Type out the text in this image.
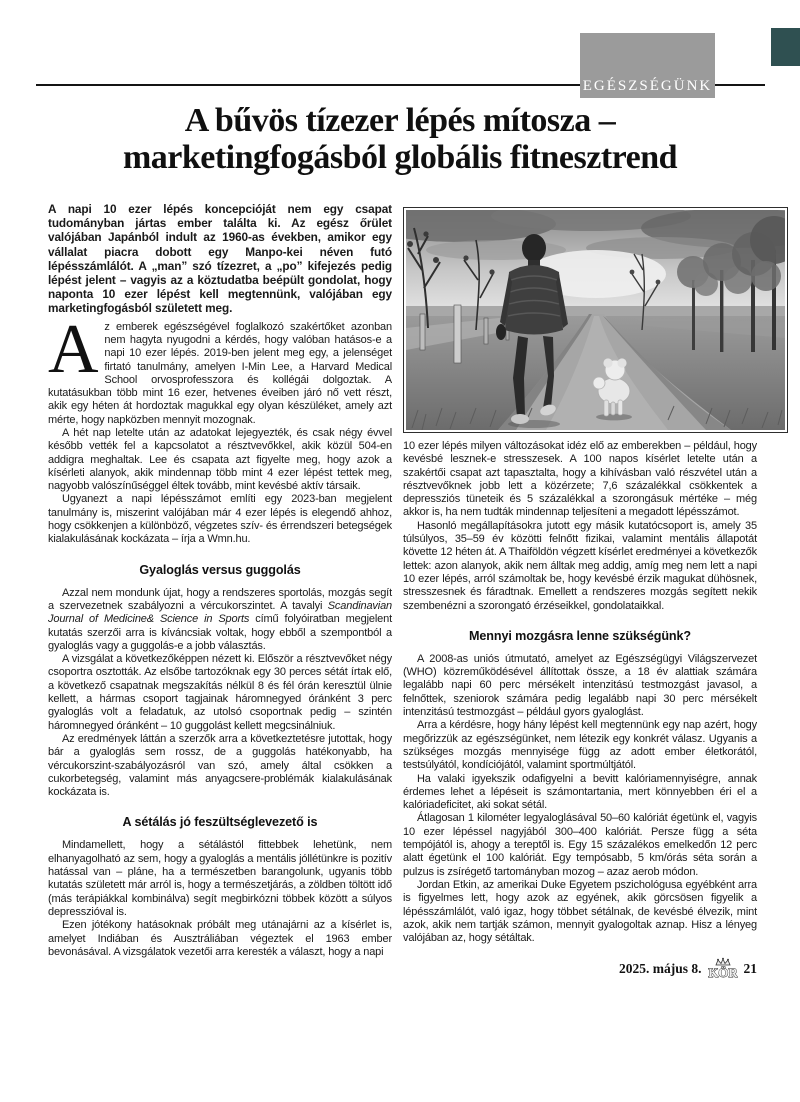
EGÉSZSÉGÜNK
A bűvös tízezer lépés mítosza –
marketingfogásból globális fitnesztrend

A napi 10 ezer lépés koncepcióját nem egy csapat tudományban jártas ember találta ki. Az egész őrület valójában Japánból indult az 1960-as években, amikor egy vállalat piacra dobott egy Manpo-kei néven futó lépésszámlálót. A „man” szó tízezret, a „po” kifejezés pedig lépést jelent – vagyis az a köztudatba beépült gondolat, hogy naponta 10 ezer lépést kell megtennünk, valójában egy marketingfogásból született meg.

Az emberek egészségével foglalkozó szakértőket azonban nem hagyta nyugodni a kérdés, hogy valóban hatásos-e a napi 10 ezer lépés. 2019-ben jelent meg egy, a jelenséget firtató tanulmány, amelyen I-Min Lee, a Harvard Medical School orvosprofesszora és kollégái dolgoztak. A kutatásukban több mint 16 ezer, hetvenes éveiben járó nő vett részt, akik egy héten át hordoztak magukkal egy olyan készüléket, amely azt mérte, hogy napközben mennyit mozognak.

A hét nap letelte után az adatokat lejegyezték, és csak négy évvel később vették fel a kapcsolatot a résztvevőkkel, akik közül 504-en addigra meghaltak. Lee és csapata azt figyelte meg, hogy azok a kísérleti alanyok, akik mindennap több mint 4 ezer lépést tettek meg, nagyobb valószínűséggel éltek tovább, mint kevésbé aktív társaik.

Ugyanezt a napi lépésszámot említi egy 2023-ban megjelent tanulmány is, miszerint valójában már 4 ezer lépés is elegendő ahhoz, hogy csökkenjen a különböző, végzetes szív- és érrendszeri betegségek kialakulásának kockázata – írja a Wmn.hu.

Gyaloglás versus guggolás

Azzal nem mondunk újat, hogy a rendszeres sportolás, mozgás segít a szervezetnek szabályozni a vércukorszintet. A tavalyi Scandinavian Journal of Medicine& Science in Sports című folyóiratban megjelent kutatás szerzői arra is kíváncsiak voltak, hogy ebből a szempontból a gyaloglás vagy a guggolás-e a jobb választás.

A vizsgálat a következőképpen nézett ki. Először a résztvevőket négy csoportra osztották. Az elsőbe tartozóknak egy 30 perces sétát írtak elő, a következő csapatnak megszakítás nélkül 8 és fél órán keresztül ülnie kellett, a hármas csoport tagjainak háromnegyed óránként 3 perc gyaloglás volt a feladatuk, az utolsó csoportnak pedig – szintén háromnegyed óránként – 10 guggolást kellett megcsinálniuk.

Az eredmények láttán a szerzők arra a következtetésre jutottak, hogy bár a gyaloglás sem rossz, de a guggolás hatékonyabb, ha vércukorszint-szabályozásról van szó, amely által csökken a cukorbetegség, valamint más anyagcsere-problémák kialakulásának kockázata is.

A sétálás jó feszültséglevezető is

Mindamellett, hogy a sétálástól fittebbek lehetünk, nem elhanyagolható az sem, hogy a gyaloglás a mentális jóllétünkre is pozitív hatással van – pláne, ha a természetben barangolunk, ugyanis több kutatás született már arról is, hogy a természetjárás, a zöldben töltött idő (más terápiákkal kombinálva) segít megbirkózni többek között a súlyos depresszióval is.

Ezen jótékony hatásoknak próbált meg utánajárni az a kísérlet is, amelyet Indiában és Ausztráliában végeztek el 1963 ember bevonásával. A vizsgálatok vezetői arra keresték a választ, hogy a napi

10 ezer lépés milyen változásokat idéz elő az emberekben – például, hogy kevésbé lesznek-e stresszesek. A 100 napos kísérlet letelte után a szakértői csapat azt tapasztalta, hogy a kihívásban való részvétel után a résztvevőknek jobb lett a közérzete; 7,6 százalékkal csökkentek a depressziós tüneteik és 5 százalékkal a szorongásuk mértéke – még akkor is, ha nem tudták mindennap teljesíteni a megadott lépésszámot.

Hasonló megállapításokra jutott egy másik kutatócsoport is, amely 35 túlsúlyos, 35–59 év közötti felnőtt fizikai, valamint mentális állapotát követte 12 héten át. A Thaiföldön végzett kísérlet eredményei a következők lettek: azon alanyok, akik nem álltak meg addig, amíg meg nem lett a napi 10 ezer lépés, arról számoltak be, hogy kevésbé érzik magukat dühösnek, stresszesnek és fáradtnak. Emellett a rendszeres mozgás segített nekik szembenézni a szorongató érzéseikkel, gondolataikkal.

Mennyi mozgásra lenne szükségünk?

A 2008-as uniós útmutató, amelyet az Egészségügyi Világszervezet (WHO) közreműködésével állítottak össze, a 18 év alattiak számára legalább napi 60 perc mérsékelt intenzitású testmozgást javasol, a felnőttek, szeniorok számára pedig legalább napi 30 perc mérsékelt intenzitású testmozgást – például gyors gyaloglást.

Arra a kérdésre, hogy hány lépést kell megtennünk egy nap azért, hogy megőrizzük az egészségünket, nem létezik egy konkrét válasz. Ugyanis a szükséges mozgás mennyisége függ az adott ember életkorától, testsúlyától, kondíciójától, valamint sportmúltjától.

Ha valaki igyekszik odafigyelni a bevitt kalóriamennyiségre, annak érdemes lehet a lépéseit is számontartania, mert könnyebben éri el a kalóriadeficitet, aki sokat sétál.

Átlagosan 1 kilométer legyaloglásával 50–60 kalóriát égetünk el, vagyis 10 ezer lépéssel nagyjából 300–400 kalóriát. Persze függ a séta tempójától is, ahogy a tereptől is. Egy 15 százalékos emelkedőn 12 perc alatt égetünk el 100 kalóriát. Egy tempósabb, 5 km/órás séta során a pulzus is zsírégető tartományban mozog – azaz aerob módon.

Jordan Etkin, az amerikai Duke Egyetem pszichológusa egyébként arra is figyelmes lett, hogy azok az egyének, akik görcsösen figyelik a lépésszámlálót, való igaz, hogy többet sétálnak, de kevésbé élvezik, mint azok, akik nem tartják számon, mennyit gyalogoltak aznap. Hisz a lényeg valójában az, hogy sétáltak.

2025. május 8. KÖR 21
